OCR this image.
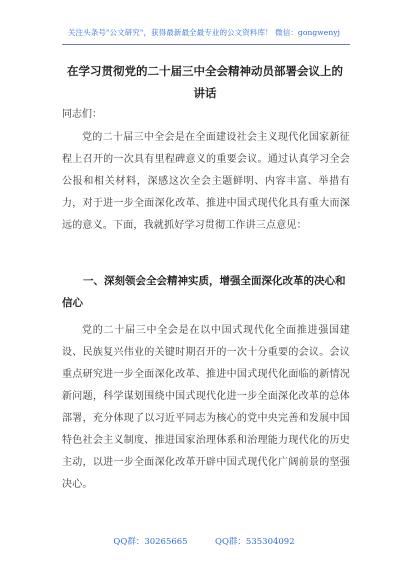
关注头条号"公文研究"，获得最新最全最专业的公文资料库！ 微信：gongwenyj
在学习贯彻党的二十届三中全会精神动员部署会议上的讲话
同志们：
党的二十届三中全会是在全面建设社会主义现代化国家新征程上召开的一次具有里程碑意义的重要会议。通过认真学习全会公报和相关材料，深感这次全会主题鲜明、内容丰富、举措有力，对于进一步全面深化改革、推进中国式现代化具有重大而深远的意义。下面，我就抓好学习贯彻工作讲三点意见：
一、深刻领会全会精神实质，增强全面深化改革的决心和信心
党的二十届三中全会是在以中国式现代化全面推进强国建设、民族复兴伟业的关键时期召开的一次十分重要的会议。会议重点研究进一步全面深化改革、推进中国式现代化面临的新情况新问题，科学谋划围绕中国式现代化进一步全面深化改革的总体部署，充分体现了以习近平同志为核心的党中央完善和发展中国特色社会主义制度、推进国家治理体系和治理能力现代化的历史主动，以进一步全面深化改革开辟中国式现代化广阔前景的坚强决心。
QQ群：30265665	QQ群：535304092
